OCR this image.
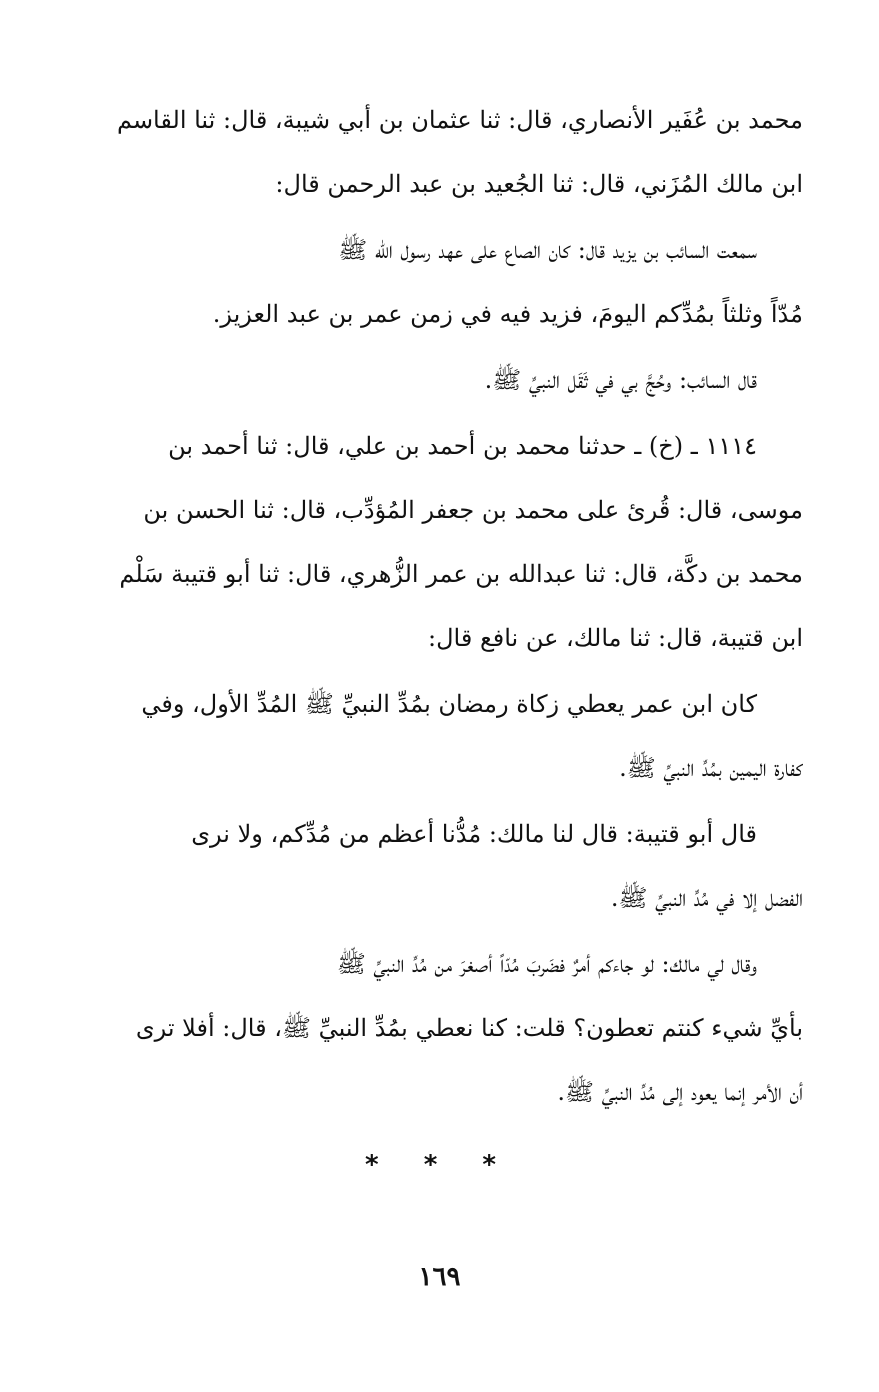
محمد بن عُفَير الأنصاري، قال: ثنا عثمان بن أبي شيبة، قال: ثنا القاسم
ابن مالك المُزَني، قال: ثنا الجُعيد بن عبد الرحمن قال:
سمعت السائب بن يزيد قال: كان الصاع على عهد رسول الله ﷺ
مُدّاً وثلثاً بمُدِّكم اليومَ، فزيد فيه في زمن عمر بن عبد العزيز.
قال السائب: وحُجَّ بي في ثَقَل النبيِّ ﷺ.
١١١٤ ـ (خ) ـ حدثنا محمد بن أحمد بن علي، قال: ثنا أحمد بن
موسى، قال: قُرئ على محمد بن جعفر المُؤدِّب، قال: ثنا الحسن بن
محمد بن دكَّة، قال: ثنا عبدالله بن عمر الزُّهري، قال: ثنا أبو قتيبة سَلْم
ابن قتيبة، قال: ثنا مالك، عن نافع قال:
كان ابن عمر يعطي زكاة رمضان بمُدِّ النبيِّ ﷺ المُدِّ الأول، وفي
كفارة اليمين بمُدِّ النبيِّ ﷺ.
قال أبو قتيبة: قال لنا مالك: مُدُّنا أعظم من مُدِّكم، ولا نرى
الفضل إلا في مُدِّ النبيِّ ﷺ.
وقال لي مالك: لو جاءكم أمرٌ فضَربَ مُدّاً أصغرَ من مُدِّ النبيِّ ﷺ
بأيِّ شيء كنتم تعطون؟ قلت: كنا نعطي بمُدِّ النبيِّ ﷺ، قال: أفلا ترى
أن الأمر إنما يعود إلى مُدِّ النبيِّ ﷺ.
* * *
١٦٩
